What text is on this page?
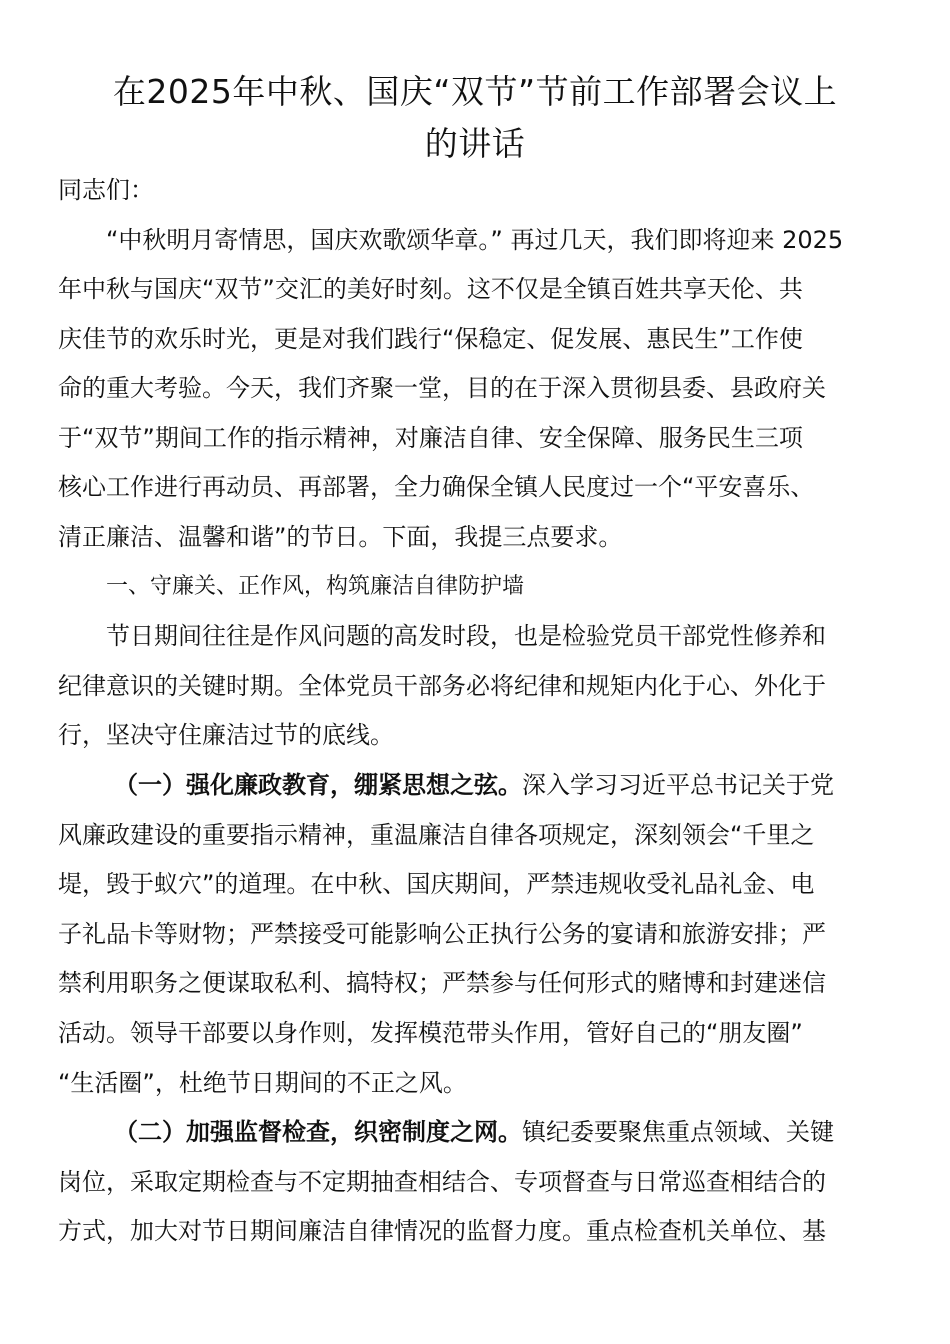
在2025年中秋、国庆“双节”节前工作部署会议上
的讲话

同志们：

“中秋明月寄情思，国庆欢歌颂华章。” 再过几天，我们即将迎来 2025

年中秋与国庆“双节”交汇的美好时刻。这不仅是全镇百姓共享天伦、共

庆佳节的欢乐时光，更是对我们践行“保稳定、促发展、惠民生”工作使

命的重大考验。今天，我们齐聚一堂，目的在于深入贯彻县委、县政府关

于“双节”期间工作的指示精神，对廉洁自律、安全保障、服务民生三项

核心工作进行再动员、再部署，全力确保全镇人民度过一个“平安喜乐、

清正廉洁、温馨和谐”的节日。下面，我提三点要求。

一、守廉关、正作风，构筑廉洁自律防护墙

节日期间往往是作风问题的高发时段，也是检验党员干部党性修养和

纪律意识的关键时期。全体党员干部务必将纪律和规矩内化于心、外化于

行，坚决守住廉洁过节的底线。

（一）强化廉政教育，绷紧思想之弦。深入学习习近平总书记关于党

风廉政建设的重要指示精神，重温廉洁自律各项规定，深刻领会“千里之

堤，毁于蚁穴”的道理。在中秋、国庆期间，严禁违规收受礼品礼金、电

子礼品卡等财物；严禁接受可能影响公正执行公务的宴请和旅游安排；严

禁利用职务之便谋取私利、搞特权；严禁参与任何形式的赌博和封建迷信

活动。领导干部要以身作则，发挥模范带头作用，管好自己的“朋友圈”

“生活圈”，杜绝节日期间的不正之风。

（二）加强监督检查，织密制度之网。镇纪委要聚焦重点领域、关键

岗位，采取定期检查与不定期抽查相结合、专项督查与日常巡查相结合的

方式，加大对节日期间廉洁自律情况的监督力度。重点检查机关单位、基
